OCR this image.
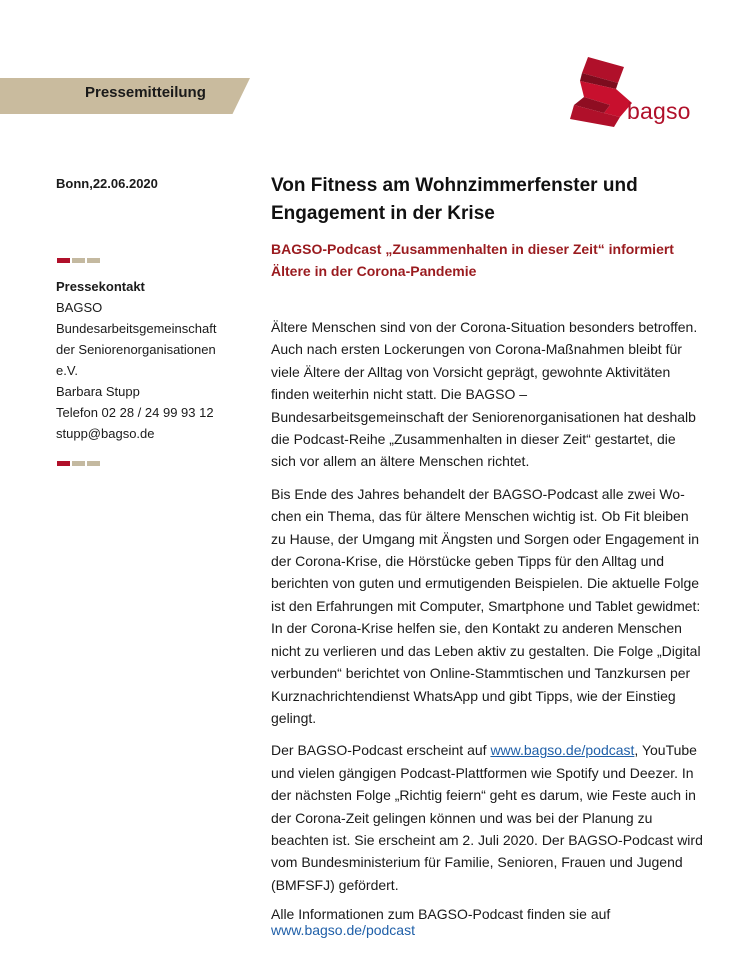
Pressemitteilung
bagso
Bonn,22.06.2020
Pressekontakt
BAGSO
Bundesarbeitsgemeinschaft
der Seniorenorganisationen
e.V.
Barbara Stupp
Telefon 02 28 / 24 99 93 12
stupp@bagso.de
Von Fitness am Wohnzimmerfenster und
Engagement in der Krise
BAGSO-Podcast „Zusammenhalten in dieser Zeit“ informiert
Ältere in der Corona-Pandemie

Ältere Menschen sind von der Corona-Situation besonders betroffen. Auch nach ersten Lockerungen von Corona-Maßnahmen bleibt für viele Ältere der Alltag von Vorsicht geprägt, gewohnte Aktivitäten finden weiterhin nicht statt. Die BAGSO – Bundesarbeitsgemeinschaft der Seniorenorganisationen hat deshalb die Podcast-Reihe „Zusammenhalten in dieser Zeit“ gestartet, die sich vor allem an ältere Menschen richtet.

Bis Ende des Jahres behandelt der BAGSO-Podcast alle zwei Wochen ein Thema, das für ältere Menschen wichtig ist. Ob Fit bleiben zu Hause, der Umgang mit Ängsten und Sorgen oder Engagement in der Corona-Krise, die Hörstücke geben Tipps für den Alltag und berichten von guten und ermutigenden Beispielen. Die aktuelle Folge ist den Erfahrungen mit Computer, Smartphone und Tablet gewidmet: In der Corona-Krise helfen sie, den Kontakt zu anderen Menschen nicht zu verlieren und das Leben aktiv zu gestalten. Die Folge „Digital verbunden“ berichtet von Online-Stammtischen und Tanzkursen per Kurznachrichtendienst WhatsApp und gibt Tipps, wie der Einstieg gelingt.

Der BAGSO-Podcast erscheint auf www.bagso.de/podcast, YouTube und vielen gängigen Podcast-Plattformen wie Spotify und Deezer. In der nächsten Folge „Richtig feiern“ geht es darum, wie Feste auch in der Corona-Zeit gelingen können und was bei der Planung zu beachten ist. Sie erscheint am 2. Juli 2020. Der BAGSO-Podcast wird vom Bundesministerium für Familie, Senioren, Frauen und Jugend (BMFSFJ) gefördert.

Alle Informationen zum BAGSO-Podcast finden sie auf
www.bagso.de/podcast
